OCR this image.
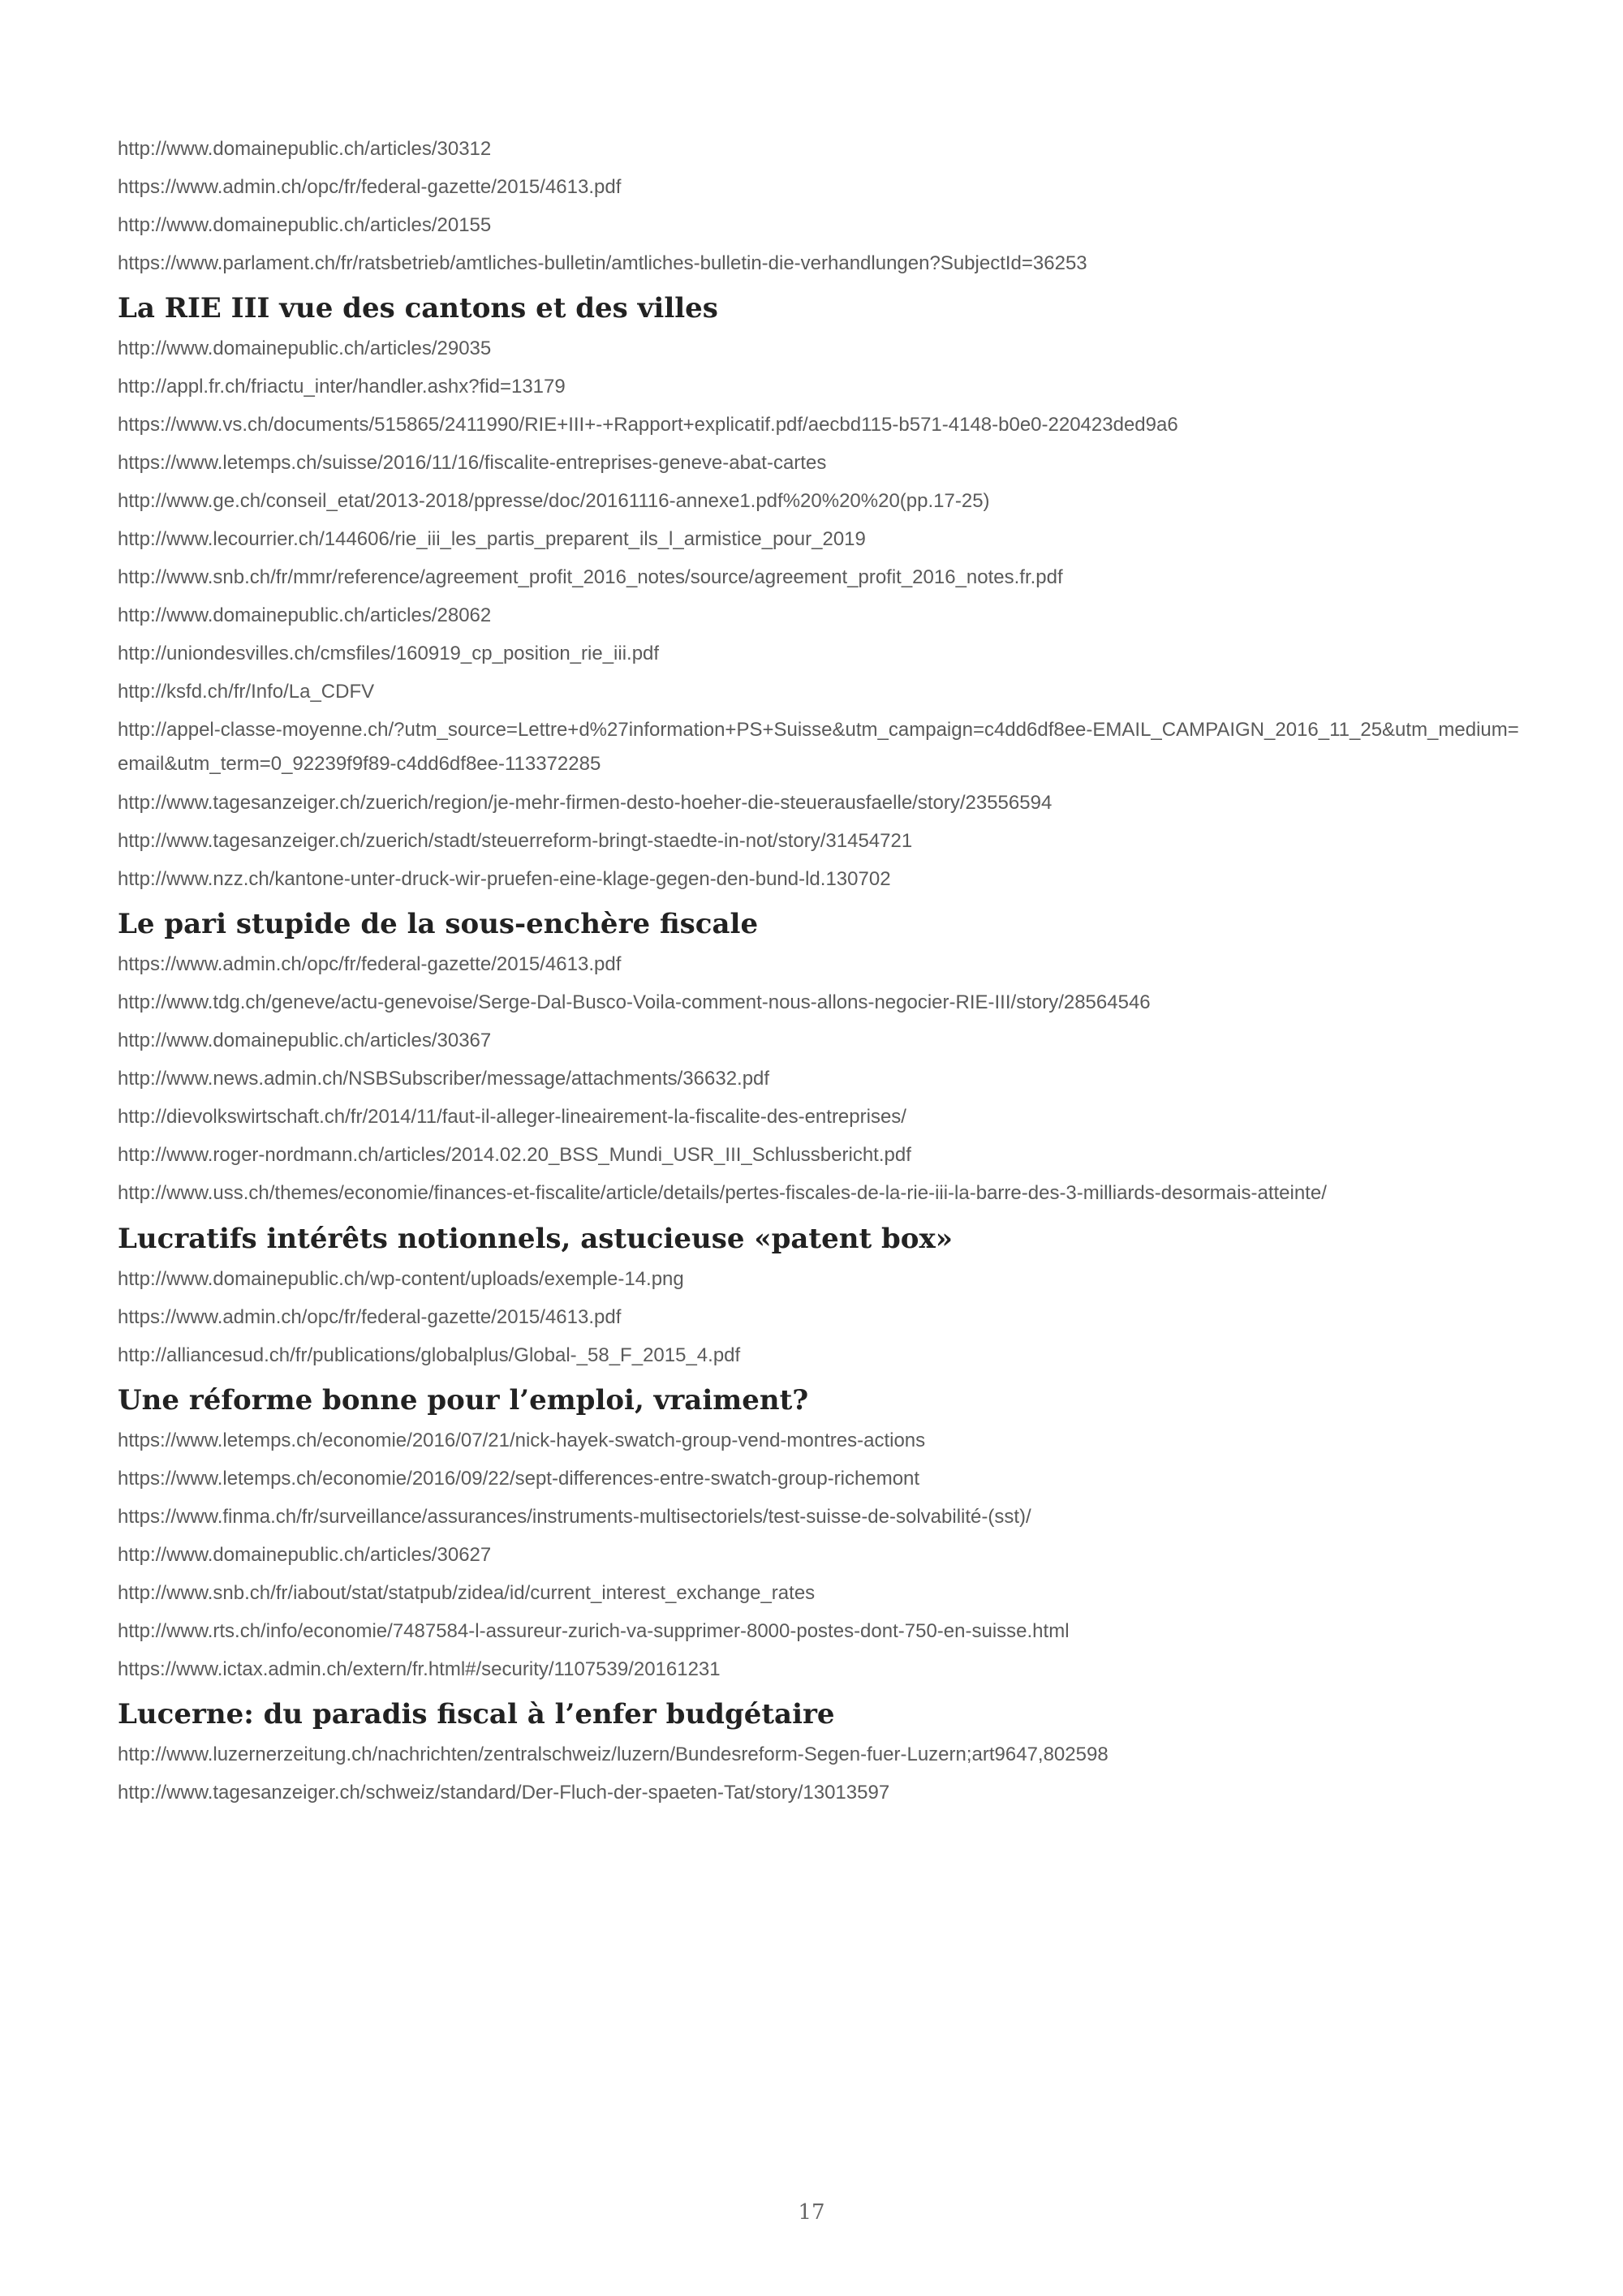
http://www.domainepublic.ch/articles/30312
https://www.admin.ch/opc/fr/federal-gazette/2015/4613.pdf
http://www.domainepublic.ch/articles/20155
https://www.parlament.ch/fr/ratsbetrieb/amtliches-bulletin/amtliches-bulletin-die-verhandlungen?SubjectId=36253
La RIE III vue des cantons et des villes
http://www.domainepublic.ch/articles/29035
http://appl.fr.ch/friactu_inter/handler.ashx?fid=13179
https://www.vs.ch/documents/515865/2411990/RIE+III+-+Rapport+explicatif.pdf/aecbd115-b571-4148-b0e0-220423ded9a6
https://www.letemps.ch/suisse/2016/11/16/fiscalite-entreprises-geneve-abat-cartes
http://www.ge.ch/conseil_etat/2013-2018/ppresse/doc/20161116-annexe1.pdf%20%20%20(pp.17-25)
http://www.lecourrier.ch/144606/rie_iii_les_partis_preparent_ils_l_armistice_pour_2019
http://www.snb.ch/fr/mmr/reference/agreement_profit_2016_notes/source/agreement_profit_2016_notes.fr.pdf
http://www.domainepublic.ch/articles/28062
http://uniondesvilles.ch/cmsfiles/160919_cp_position_rie_iii.pdf
http://ksfd.ch/fr/Info/La_CDFV
http://appel-classe-moyenne.ch/?utm_source=Lettre+d%27information+PS+Suisse&utm_campaign=c4dd6df8ee-EMAIL_CAMPAIGN_2016_11_25&utm_medium=email&utm_term=0_92239f9f89-c4dd6df8ee-113372285
http://www.tagesanzeiger.ch/zuerich/region/je-mehr-firmen-desto-hoeher-die-steuerausfaelle/story/23556594
http://www.tagesanzeiger.ch/zuerich/stadt/steuerreform-bringt-staedte-in-not/story/31454721
http://www.nzz.ch/kantone-unter-druck-wir-pruefen-eine-klage-gegen-den-bund-ld.130702
Le pari stupide de la sous-enchère fiscale
https://www.admin.ch/opc/fr/federal-gazette/2015/4613.pdf
http://www.tdg.ch/geneve/actu-genevoise/Serge-Dal-Busco-Voila-comment-nous-allons-negocier-RIE-III/story/28564546
http://www.domainepublic.ch/articles/30367
http://www.news.admin.ch/NSBSubscriber/message/attachments/36632.pdf
http://dievolkswirtschaft.ch/fr/2014/11/faut-il-alleger-lineairement-la-fiscalite-des-entreprises/
http://www.roger-nordmann.ch/articles/2014.02.20_BSS_Mundi_USR_III_Schlussbericht.pdf
http://www.uss.ch/themes/economie/finances-et-fiscalite/article/details/pertes-fiscales-de-la-rie-iii-la-barre-des-3-milliards-desormais-atteinte/
Lucratifs intérêts notionnels, astucieuse «patent box»
http://www.domainepublic.ch/wp-content/uploads/exemple-14.png
https://www.admin.ch/opc/fr/federal-gazette/2015/4613.pdf
http://alliancesud.ch/fr/publications/globalplus/Global-_58_F_2015_4.pdf
Une réforme bonne pour l’emploi, vraiment?
https://www.letemps.ch/economie/2016/07/21/nick-hayek-swatch-group-vend-montres-actions
https://www.letemps.ch/economie/2016/09/22/sept-differences-entre-swatch-group-richemont
https://www.finma.ch/fr/surveillance/assurances/instruments-multisectoriels/test-suisse-de-solvabilité-(sst)/
http://www.domainepublic.ch/articles/30627
http://www.snb.ch/fr/iabout/stat/statpub/zidea/id/current_interest_exchange_rates
http://www.rts.ch/info/economie/7487584-l-assureur-zurich-va-supprimer-8000-postes-dont-750-en-suisse.html
https://www.ictax.admin.ch/extern/fr.html#/security/1107539/20161231
Lucerne: du paradis fiscal à l’enfer budgétaire
http://www.luzernerzeitung.ch/nachrichten/zentralschweiz/luzern/Bundesreform-Segen-fuer-Luzern;art9647,802598
http://www.tagesanzeiger.ch/schweiz/standard/Der-Fluch-der-spaeten-Tat/story/13013597
17
